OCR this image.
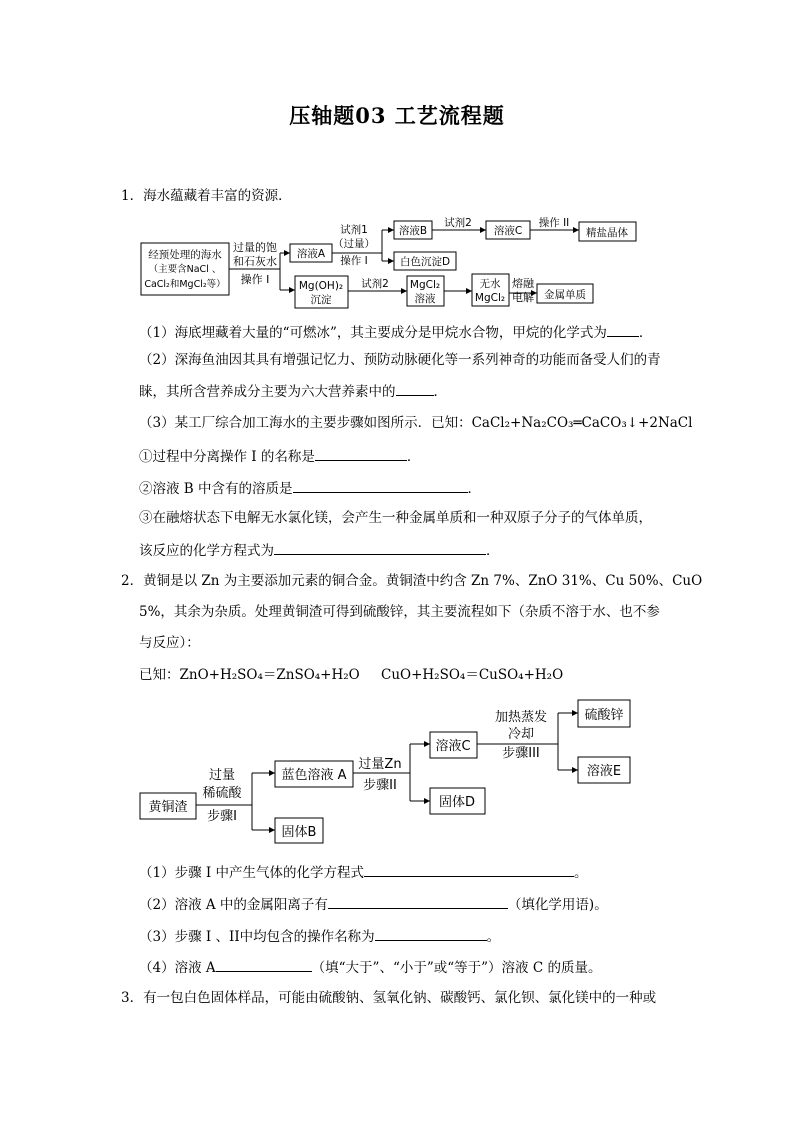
压轴题03 工艺流程题
1．海水蕴藏着丰富的资源．
经预处理的海水
（主要含NaCl 、
CaCl₂和MgCl₂等）
过量的饱
和石灰水
操作 I
溶液A
试剂1
（过量）
操作 I
溶液B
试剂2
溶液C
操作 II
精盐晶体
白色沉淀D
Mg(OH)₂
沉淀
试剂2 MgCl₂
溶液
无水
MgCl₂
熔融
电解 金属单质
（1）海底埋藏着大量的“可燃冰”，其主要成分是甲烷水合物，甲烷的化学式为 ．
（2）深海鱼油因其具有增强记忆力、预防动脉硬化等一系列神奇的功能而备受人们的青
睐，其所含营养成分主要为六大营养素中的	．
（3）某工厂综合加工海水的主要步骤如图所示．已知：CaCl₂+Na₂CO₃═CaCO₃↓+2NaCl
①过程中分离操作 I 的名称是	．
②溶液 B 中含有的溶质是	．
③在融熔状态下电解无水氯化镁，会产生一种金属单质和一种双原子分子的气体单质，
该反应的化学方程式为	．
2．黄铜是以 Zn 为主要添加元素的铜合金。黄铜渣中约含 Zn 7%、ZnO 31%、Cu 50%、CuO
5%，其余为杂质。处理黄铜渣可得到硫酸锌，其主要流程如下（杂质不溶于水、也不参
与反应）：
已知：ZnO+H₂SO₄＝ZnSO₄+H₂O CuO+H₂SO₄＝CuSO₄+H₂O
黄铜渣
过量
稀硫酸
步骤I
蓝色溶液 A
固体B
过量Zn
步骤II
溶液C
固体D
加热蒸发
冷却
步骤III
硫酸锌
溶液E
（1）步骤 I 中产生气体的化学方程式	。
（2）溶液 A 中的金属阳离子有	（填化学用语)。
（3）步骤 I 、II中均包含的操作名称为	。
（4）溶液 A	（填“大于”、“小于”或“等于”）溶液 C 的质量。
3．有一包白色固体样品，可能由硫酸钠、氢氧化钠、碳酸钙、氯化钡、氯化镁中的一种或
